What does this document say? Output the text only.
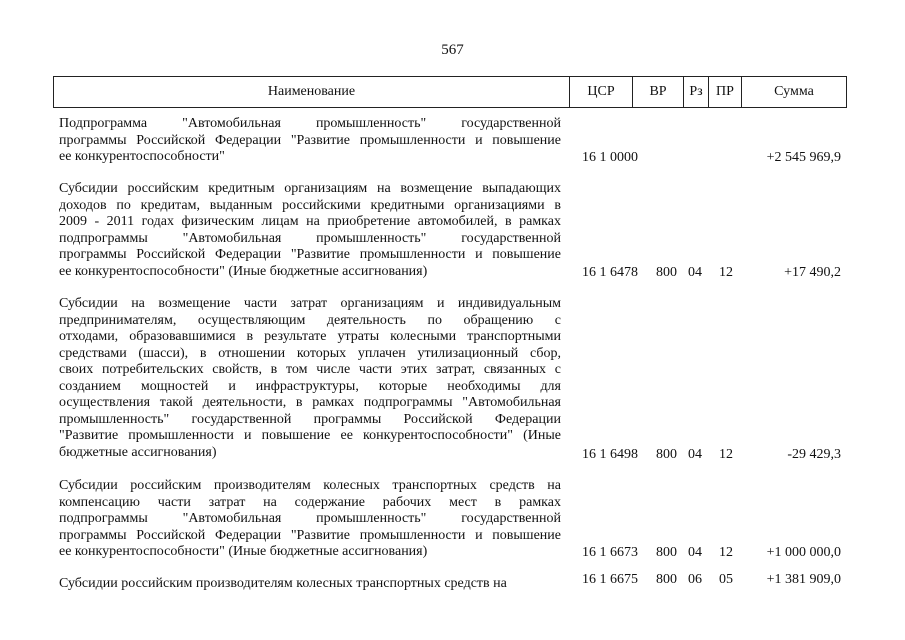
567
Наименование	ЦСР	ВР	Рз ПР	Сумма
Подпрограмма "Автомобильная промышленность" государственной
программы Российской Федерации "Развитие промышленности и повышение
ее конкурентоспособности"	16 1 0000	+2 545 969,9
Субсидии российским кредитным организациям на возмещение выпадающих
доходов по кредитам, выданным российскими кредитными организациями в
2009 - 2011 годах физическим лицам на приобретение автомобилей, в рамках
подпрограммы "Автомобильная промышленность" государственной
программы Российской Федерации "Развитие промышленности и повышение
ее конкурентоспособности" (Иные бюджетные ассигнования)	16 1 6478 800 04 12	+17 490,2
Субсидии на возмещение части затрат организациям и индивидуальным
предпринимателям, осуществляющим деятельность по обращению с
отходами, образовавшимися в результате утраты колесными транспортными
средствами (шасси), в отношении которых уплачен утилизационный сбор,
своих потребительских свойств, в том числе части этих затрат, связанных с
созданием мощностей и инфраструктуры, которые необходимы для
осуществления такой деятельности, в рамках подпрограммы "Автомобильная
промышленность" государственной программы Российской Федерации
"Развитие промышленности и повышение ее конкурентоспособности" (Иные
бюджетные ассигнования)	16 1 6498 800 04 12	-29 429,3
Субсидии российским производителям колесных транспортных средств на
компенсацию части затрат на содержание рабочих мест в рамках
подпрограммы "Автомобильная промышленность" государственной
программы Российской Федерации "Развитие промышленности и повышение
ее конкурентоспособности" (Иные бюджетные ассигнования)	16 1 6673 800 04 12 +1 000 000,0
Субсидии российским производителям колесных транспортных средств на	16 1 6675 800 06 05 +1 381 909,0
